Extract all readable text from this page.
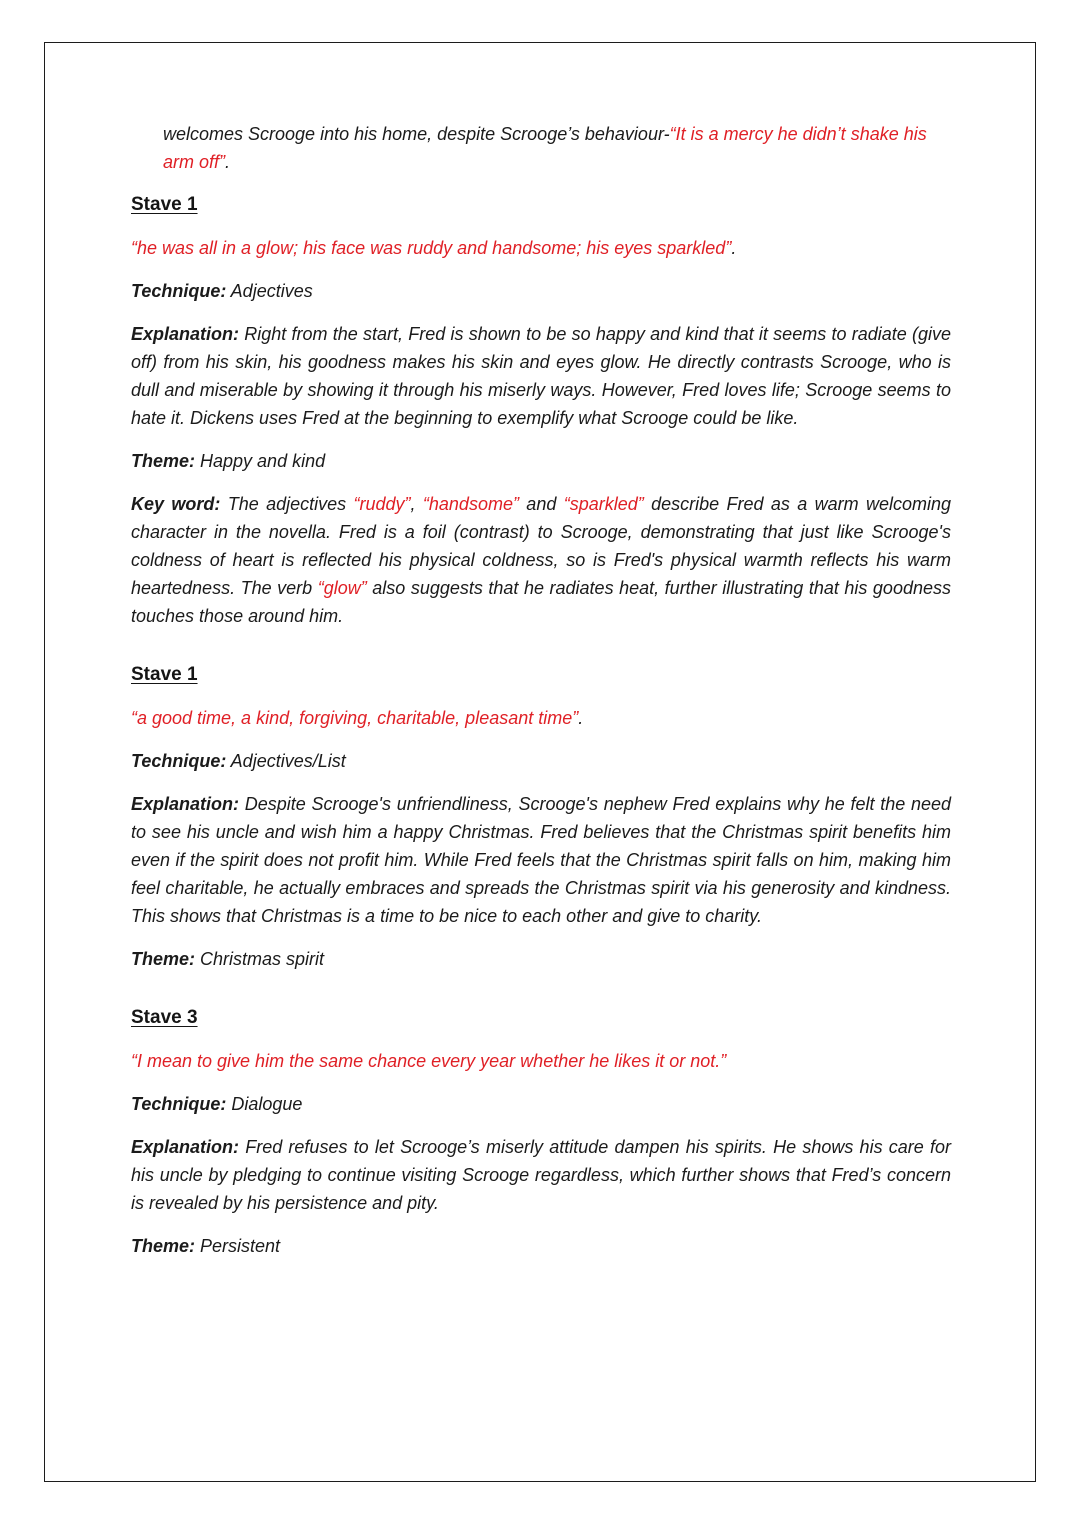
welcomes Scrooge into his home, despite Scrooge’s behaviour-“It is a mercy he didn’t shake his arm off”.

Stave 1

“he was all in a glow; his face was ruddy and handsome; his eyes sparkled”.

Technique: Adjectives

Explanation: Right from the start, Fred is shown to be so happy and kind that it seems to radiate (give off) from his skin, his goodness makes his skin and eyes glow. He directly contrasts Scrooge, who is dull and miserable by showing it through his miserly ways. However, Fred loves life; Scrooge seems to hate it. Dickens uses Fred at the beginning to exemplify what Scrooge could be like.

Theme: Happy and kind

Key word: The adjectives “ruddy”, “handsome” and “sparkled” describe Fred as a warm welcoming character in the novella. Fred is a foil (contrast) to Scrooge, demonstrating that just like Scrooge's coldness of heart is reflected his physical coldness, so is Fred's physical warmth reflects his warm heartedness. The verb “glow” also suggests that he radiates heat, further illustrating that his goodness touches those around him.

Stave 1

“a good time, a kind, forgiving, charitable, pleasant time”.

Technique: Adjectives/List

Explanation: Despite Scrooge's unfriendliness, Scrooge's nephew Fred explains why he felt the need to see his uncle and wish him a happy Christmas. Fred believes that the Christmas spirit benefits him even if the spirit does not profit him. While Fred feels that the Christmas spirit falls on him, making him feel charitable, he actually embraces and spreads the Christmas spirit via his generosity and kindness. This shows that Christmas is a time to be nice to each other and give to charity.

Theme: Christmas spirit

Stave 3

“I mean to give him the same chance every year whether he likes it or not.”

Technique: Dialogue

Explanation: Fred refuses to let Scrooge’s miserly attitude dampen his spirits. He shows his care for his uncle by pledging to continue visiting Scrooge regardless, which further shows that Fred’s concern is revealed by his persistence and pity.

Theme: Persistent
